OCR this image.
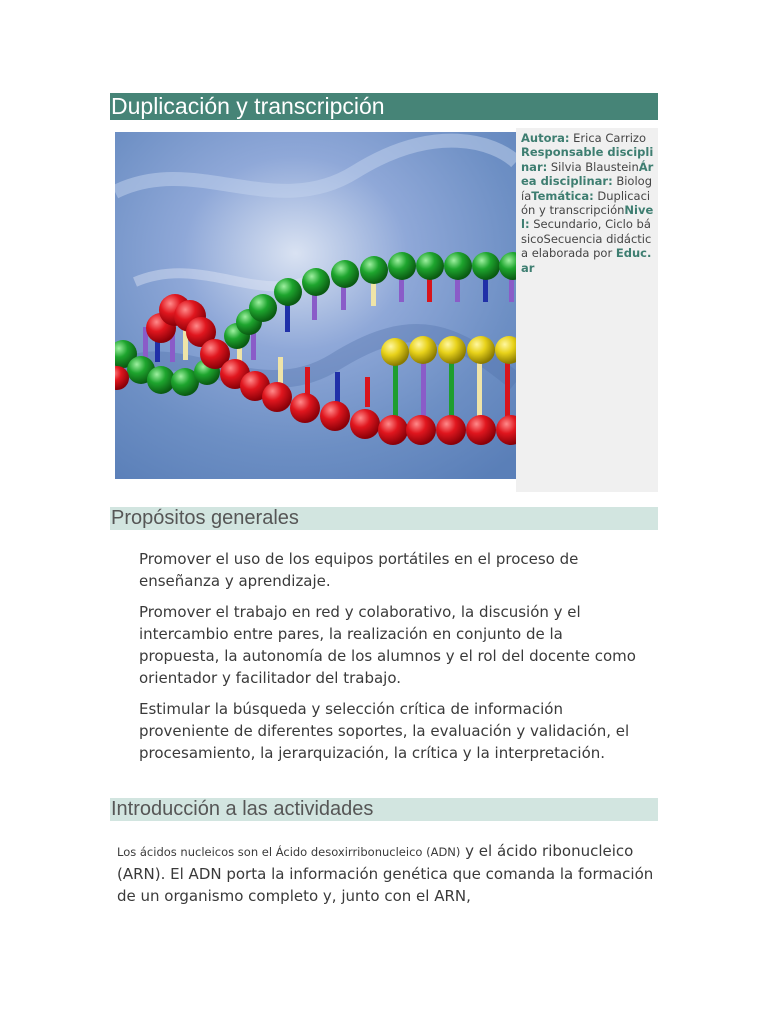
Duplicación y transcripción

Autora: Erica CarrizoResponsable disciplinar: Silvia BlausteinÁrea disciplinar: BiologíaTemática: Duplicación y transcripciónNivel: Secundario, Ciclo básicoSecuencia didáctica elaborada por Educ.ar

Propósitos generales

Promover el uso de los equipos portátiles en el proceso de enseñanza y aprendizaje.

Promover el trabajo en red y colaborativo, la discusión y el intercambio entre pares, la realización en conjunto de la propuesta, la autonomía de los alumnos y el rol del docente como orientador y facilitador del trabajo.

Estimular la búsqueda y selección crítica de información proveniente de diferentes soportes, la evaluación y validación, el procesamiento, la jerarquización, la crítica y la interpretación.

Introducción a las actividades

Los ácidos nucleicos son el Ácido desoxirribonucleico (ADN) y el ácido ribonucleico (ARN). El ADN porta la información genética que comanda la formación de un organismo completo y, junto con el ARN,
